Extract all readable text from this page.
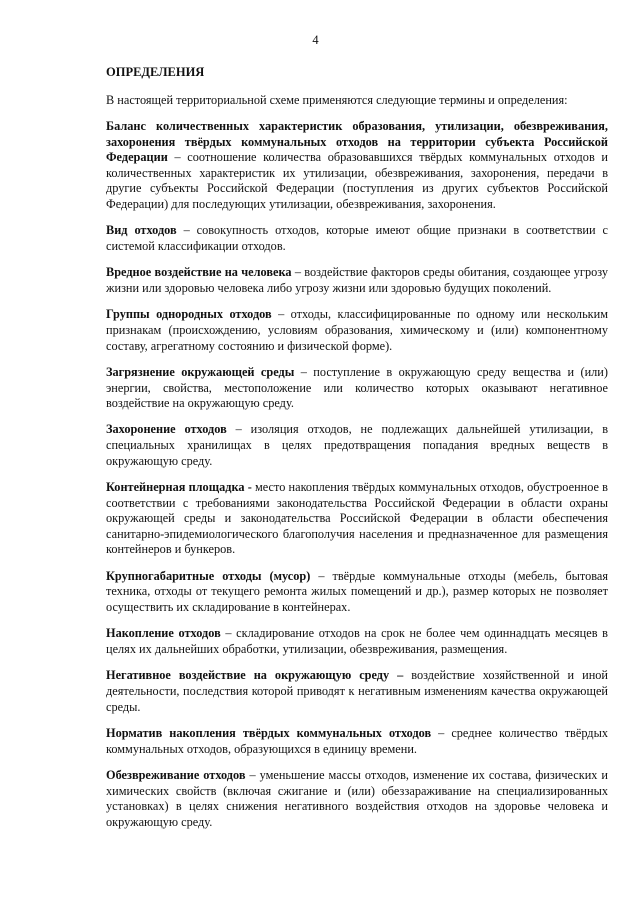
4
ОПРЕДЕЛЕНИЯ
В настоящей территориальной схеме применяются следующие термины и определения:
Баланс количественных характеристик образования, утилизации, обезвреживания, захоронения твёрдых коммунальных отходов на территории субъекта Российской Федерации – соотношение количества образовавшихся твёрдых коммунальных отходов и количественных характеристик их утилизации, обезвреживания, захоронения, передачи в другие субъекты Российской Федерации (поступления из других субъектов Российской Федерации) для последующих утилизации, обезвреживания, захоронения.
Вид отходов – совокупность отходов, которые имеют общие признаки в соответствии с системой классификации отходов.
Вредное воздействие на человека – воздействие факторов среды обитания, создающее угрозу жизни или здоровью человека либо угрозу жизни или здоровью будущих поколений.
Группы однородных отходов – отходы, классифицированные по одному или нескольким признакам (происхождению, условиям образования, химическому и (или) компонентному составу, агрегатному состоянию и физической форме).
Загрязнение окружающей среды – поступление в окружающую среду вещества и (или) энергии, свойства, местоположение или количество которых оказывают негативное воздействие на окружающую среду.
Захоронение отходов – изоляция отходов, не подлежащих дальнейшей утилизации, в специальных хранилищах в целях предотвращения попадания вредных веществ в окружающую среду.
Контейнерная площадка - место накопления твёрдых коммунальных отходов, обустроенное в соответствии с требованиями законодательства Российской Федерации в области охраны окружающей среды и законодательства Российской Федерации в области обеспечения санитарно-эпидемиологического благополучия населения и предназначенное для размещения контейнеров и бункеров.
Крупногабаритные отходы (мусор) – твёрдые коммунальные отходы (мебель, бытовая техника, отходы от текущего ремонта жилых помещений и др.), размер которых не позволяет осуществить их складирование в контейнерах.
Накопление отходов – складирование отходов на срок не более чем одиннадцать месяцев в целях их дальнейших обработки, утилизации, обезвреживания, размещения.
Негативное воздействие на окружающую среду – воздействие хозяйственной и иной деятельности, последствия которой приводят к негативным изменениям качества окружающей среды.
Норматив накопления твёрдых коммунальных отходов – среднее количество твёрдых коммунальных отходов, образующихся в единицу времени.
Обезвреживание отходов – уменьшение массы отходов, изменение их состава, физических и химических свойств (включая сжигание и (или) обеззараживание на специализированных установках) в целях снижения негативного воздействия отходов на здоровье человека и окружающую среду.
